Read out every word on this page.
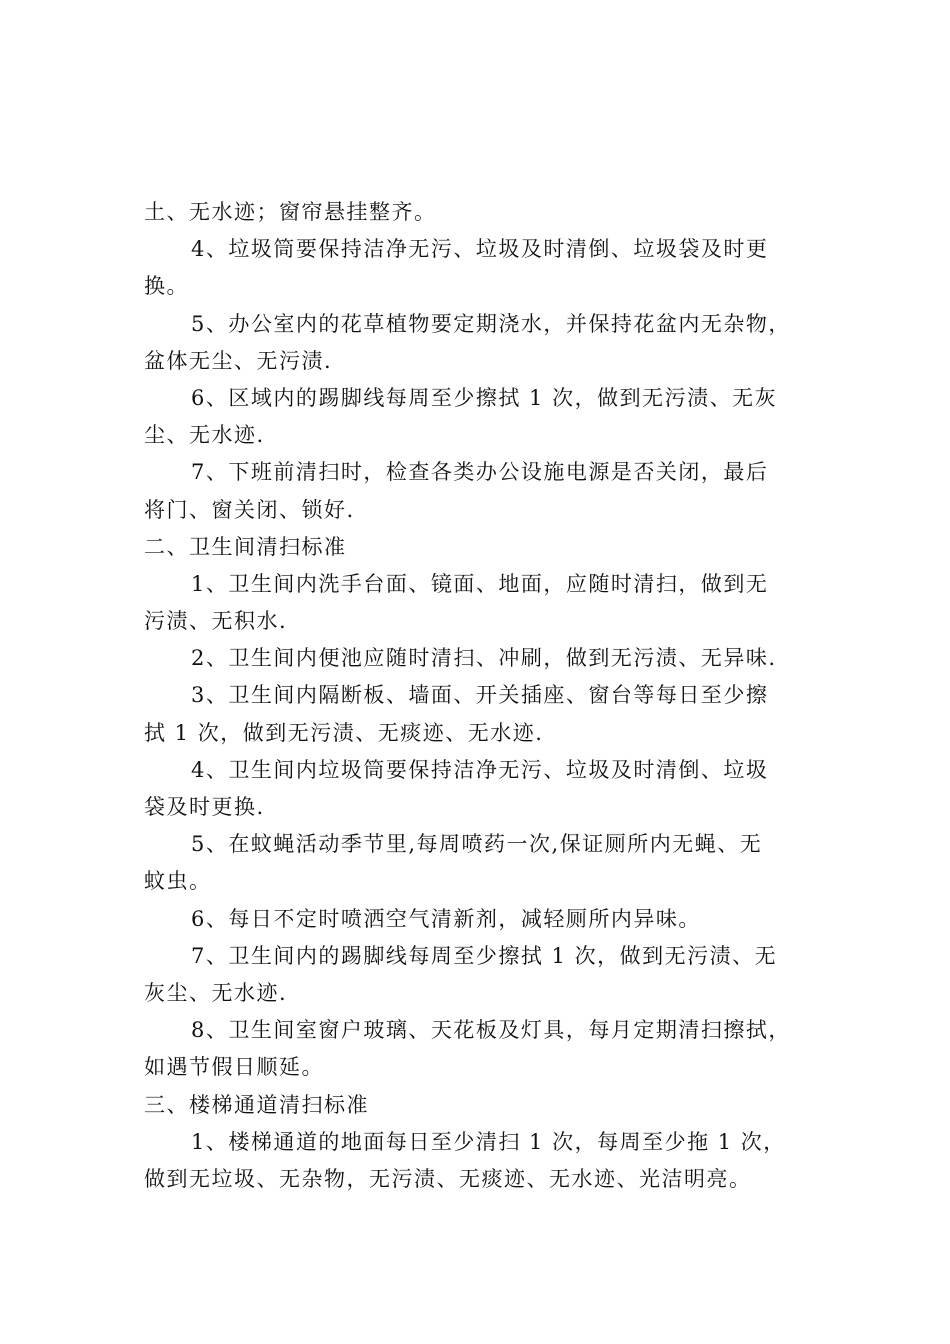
土、无水迹；窗帘悬挂整齐。
4、垃圾筒要保持洁净无污、垃圾及时清倒、垃圾袋及时更
换。
5、办公室内的花草植物要定期浇水，并保持花盆内无杂物，
盆体无尘、无污渍.
6、区域内的踢脚线每周至少擦拭 1 次，做到无污渍、无灰
尘、无水迹.
7、下班前清扫时，检查各类办公设施电源是否关闭，最后
将门、窗关闭、锁好.
二、卫生间清扫标准
1、卫生间内洗手台面、镜面、地面，应随时清扫，做到无
污渍、无积水.
2、卫生间内便池应随时清扫、冲刷，做到无污渍、无异味.
3、卫生间内隔断板、墙面、开关插座、窗台等每日至少擦
拭 1 次，做到无污渍、无痰迹、无水迹.
4、卫生间内垃圾筒要保持洁净无污、垃圾及时清倒、垃圾
袋及时更换.
5、在蚊蝇活动季节里,每周喷药一次,保证厕所内无蝇、无
蚊虫。
6、每日不定时喷洒空气清新剂，减轻厕所内异味。
7、卫生间内的踢脚线每周至少擦拭 1 次，做到无污渍、无
灰尘、无水迹.
8、卫生间室窗户玻璃、天花板及灯具，每月定期清扫擦拭，
如遇节假日顺延。
三、楼梯通道清扫标准
1、楼梯通道的地面每日至少清扫 1 次，每周至少拖 1 次，
做到无垃圾、无杂物，无污渍、无痰迹、无水迹、光洁明亮。
